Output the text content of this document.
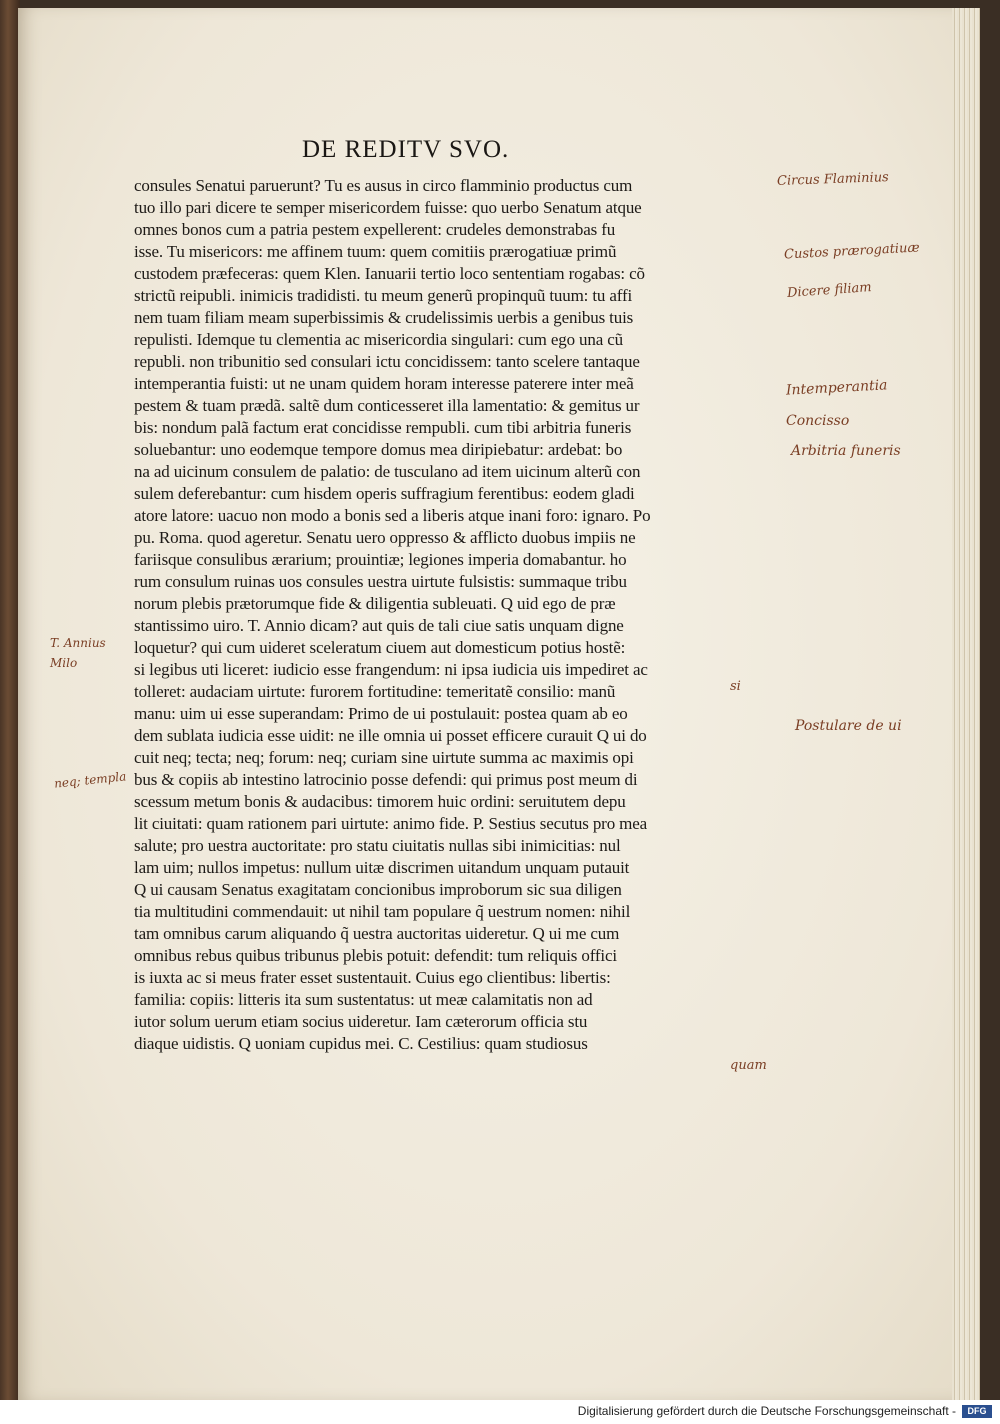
DE REDITV SVO.
consules Senatui paruerunt? Tu es ausus in circo flamminio productus cum
tuo illo pari dicere te semper misericordem fuisse: quo uerbo Senatum atque
omnes bonos cum a patria pestem expellerent: crudeles demonstrabas fu
isse. Tu misericors: me affinem tuum: quem comitiis prærogatiuæ primũ
custodem præfeceras: quem Klen. Ianuarii tertio loco sententiam rogabas: cõ
strictũ reipubli. inimicis tradidisti. tu meum generũ propinquũ tuum: tu affi
nem tuam filiam meam superbissimis & crudelissimis uerbis a genibus tuis
repulisti. Idemque tu clementia ac misericordia singulari: cum ego una cũ
republi. non tribunitio sed consulari ictu concidissem: tanto scelere tantaque
intemperantia fuisti: ut ne unam quidem horam interesse paterere inter meã
pestem & tuam prædã. saltẽ dum conticesseret illa lamentatio: & gemitus ur
bis: nondum palã factum erat concidisse rempubli. cum tibi arbitria funeris
soluebantur: uno eodemque tempore domus mea diripiebatur: ardebat: bo
na ad uicinum consulem de palatio: de tusculano ad item uicinum alterũ con
sulem deferebantur: cum hisdem operis suffragium ferentibus: eodem gladi
atore latore: uacuo non modo a bonis sed a liberis atque inani foro: ignaro. Po
pu. Roma. quod ageretur. Senatu uero oppresso & afflicto duobus impiis ne
fariisque consulibus ærarium; prouintiæ; legiones imperia domabantur. ho
rum consulum ruinas uos consules uestra uirtute fulsistis: summaque tribu
norum plebis prætorumque fide & diligentia subleuati. Q uid ego de præ
stantissimo uiro. T. Annio dicam? aut quis de tali ciue satis unquam digne
loquetur? qui cum uideret sceleratum ciuem aut domesticum potius hostẽ:
si legibus uti liceret: iudicio esse frangendum: ni ipsa iudicia uis impediret ac
tolleret: audaciam uirtute: furorem fortitudine: temeritatẽ consilio: manũ
manu: uim ui esse superandam: Primo de ui postulauit: postea quam ab eo
dem sublata iudicia esse uidit: ne ille omnia ui posset efficere curauit Q ui do
cuit neq; tecta; neq; forum: neq; curiam sine uirtute summa ac maximis opi
bus & copiis ab intestino latrocinio posse defendi: qui primus post meum di
scessum metum bonis & audacibus: timorem huic ordini: seruitutem depu
lit ciuitati: quam rationem pari uirtute: animo fide. P. Sestius secutus pro mea
salute; pro uestra auctoritate: pro statu ciuitatis nullas sibi inimicitias: nul
lam uim; nullos impetus: nullum uitæ discrimen uitandum unquam putauit
Q ui causam Senatus exagitatam concionibus improborum sic sua diligen
tia multitudini commendauit: ut nihil tam populare q̃ uestrum nomen: nihil
tam omnibus carum aliquando q̃ uestra auctoritas uideretur. Q ui me cum
omnibus rebus quibus tribunus plebis potuit: defendit: tum reliquis offici
is iuxta ac si meus frater esset sustentauit. Cuius ego clientibus: libertis:
familia: copiis: litteris ita sum sustentatus: ut meæ calamitatis non ad
iutor solum uerum etiam socius uideretur. Iam cæterorum officia stu
diaque uidistis. Q uoniam cupidus mei. C. Cestilius: quam studiosus
Circus Flaminius
Custos prærogatiuæ
Dicere filiam
Intemperantia
Concisso
Arbitria funeris
T. Annius Milo
si
Postulare de ui
neq; templa
quam
Digitalisierung gefördert durch die Deutsche Forschungsgemeinschaft -	DFG
